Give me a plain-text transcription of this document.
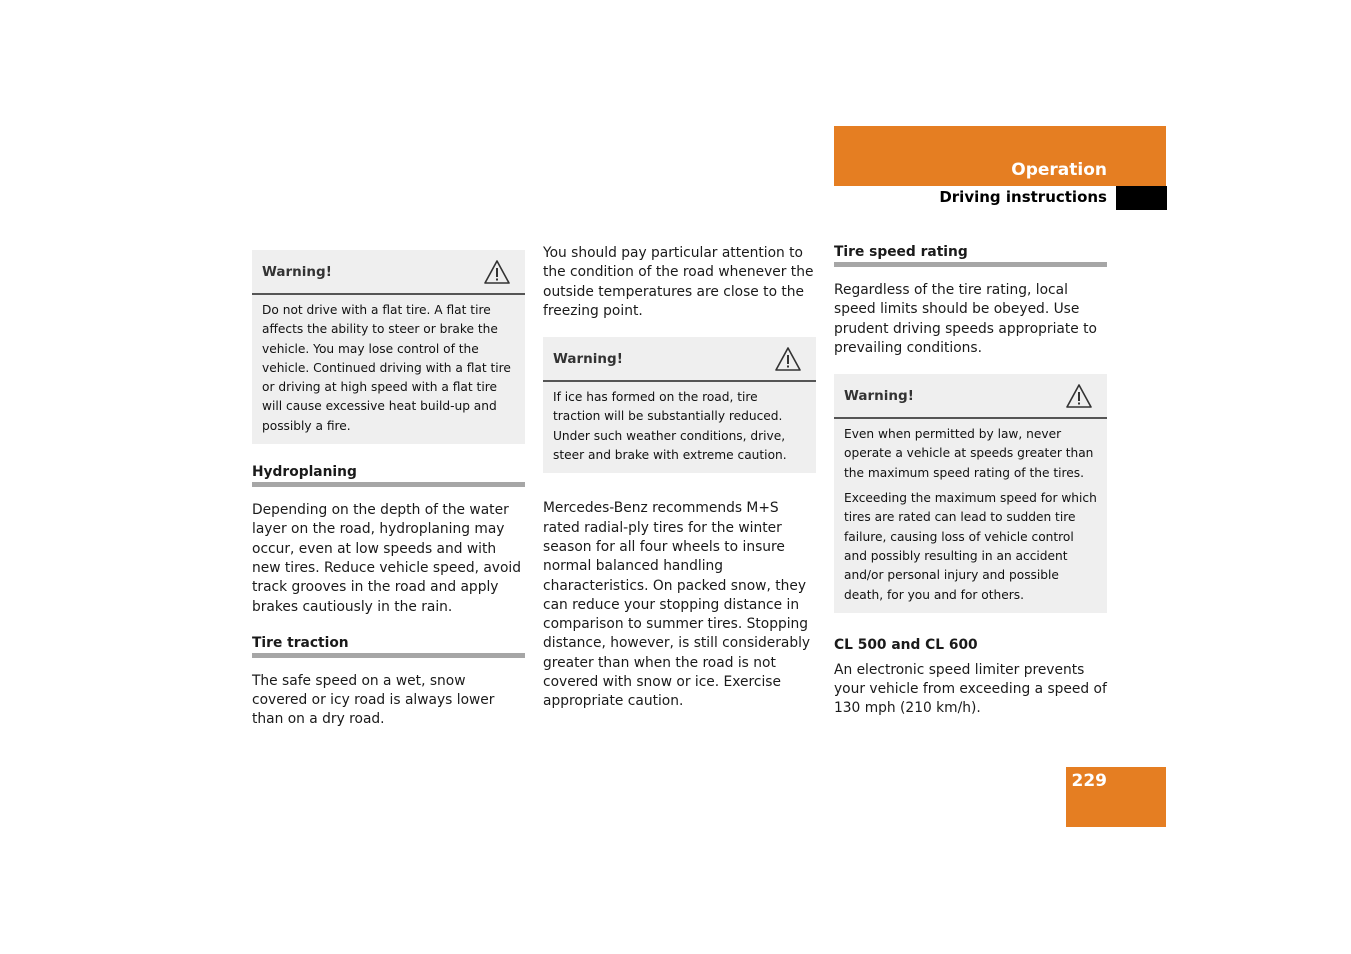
Operation
Driving instructions
Warning!
Do not drive with a flat tire. A flat tire affects the ability to steer or brake the vehicle. You may lose control of the vehicle. Continued driving with a flat tire or driving at high speed with a flat tire will cause excessive heat build-up and possibly a fire.
Hydroplaning

Depending on the depth of the water layer on the road, hydroplaning may occur, even at low speeds and with new tires. Reduce vehicle speed, avoid track grooves in the road and apply brakes cautiously in the rain.

Tire traction

The safe speed on a wet, snow covered or icy road is always lower than on a dry road.

You should pay particular attention to the condition of the road whenever the outside temperatures are close to the freezing point.

Warning!
If ice has formed on the road, tire traction will be substantially reduced. Under such weather conditions, drive, steer and brake with extreme caution.

Mercedes-Benz recommends M+S rated radial-ply tires for the winter season for all four wheels to insure normal balanced handling characteristics. On packed snow, they can reduce your stopping distance in comparison to summer tires. Stopping distance, however, is still considerably greater than when the road is not covered with snow or ice. Exercise appropriate caution.

Tire speed rating

Regardless of the tire rating, local speed limits should be obeyed. Use prudent driving speeds appropriate to prevailing conditions.

Warning!

Even when permitted by law, never operate a vehicle at speeds greater than the maximum speed rating of the tires.

Exceeding the maximum speed for which tires are rated can lead to sudden tire failure, causing loss of vehicle control and possibly resulting in an accident and/or personal injury and possible death, for you and for others.

CL 500 and CL 600

An electronic speed limiter prevents your vehicle from exceeding a speed of 130 mph (210 km/h).

229
